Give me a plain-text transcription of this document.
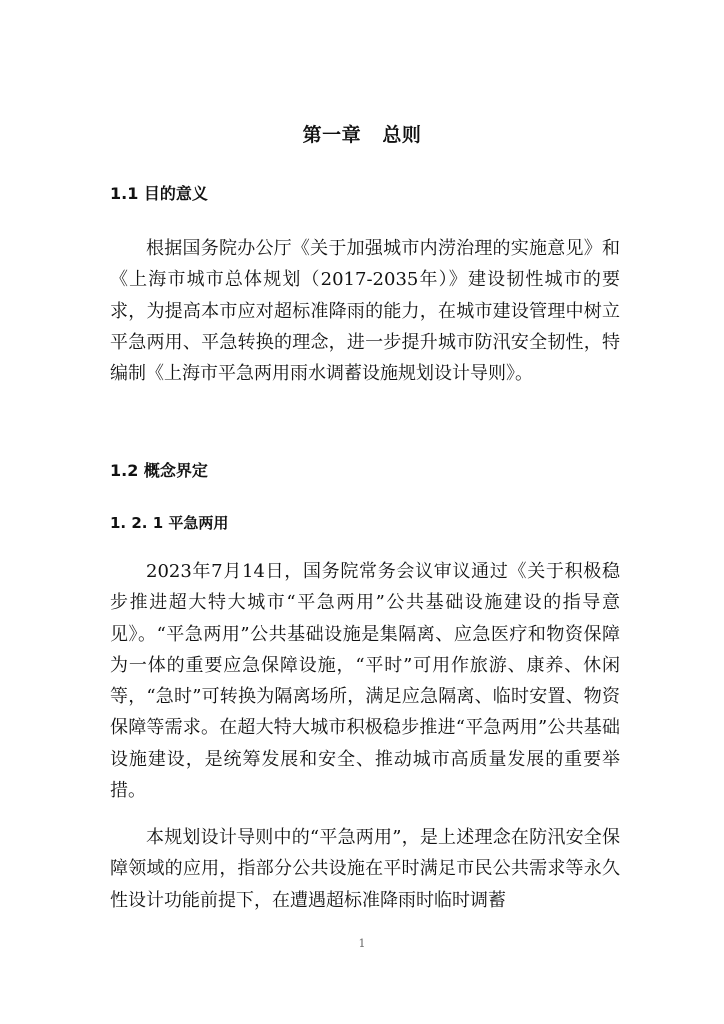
第一章   总则
1.1 目的意义

根据国务院办公厅《关于加强城市内涝治理的实施意见》和《上海市城市总体规划（2017-2035年）》建设韧性城市的要求，为提高本市应对超标准降雨的能力，在城市建设管理中树立平急两用、平急转换的理念，进一步提升城市防汛安全韧性，特编制《上海市平急两用雨水调蓄设施规划设计导则》。

1.2 概念界定
1. 2. 1 平急两用

2023年7月14日，国务院常务会议审议通过《关于积极稳步推进超大特大城市“平急两用”公共基础设施建设的指导意见》。“平急两用”公共基础设施是集隔离、应急医疗和物资保障为一体的重要应急保障设施，“平时”可用作旅游、康养、休闲等，“急时”可转换为隔离场所，满足应急隔离、临时安置、物资保障等需求。在超大特大城市积极稳步推进“平急两用”公共基础设施建设，是统筹发展和安全、推动城市高质量发展的重要举措。

本规划设计导则中的“平急两用”，是上述理念在防汛安全保障领域的应用，指部分公共设施在平时满足市民公共需求等永久性设计功能前提下，在遭遇超标准降雨时临时调蓄

1
